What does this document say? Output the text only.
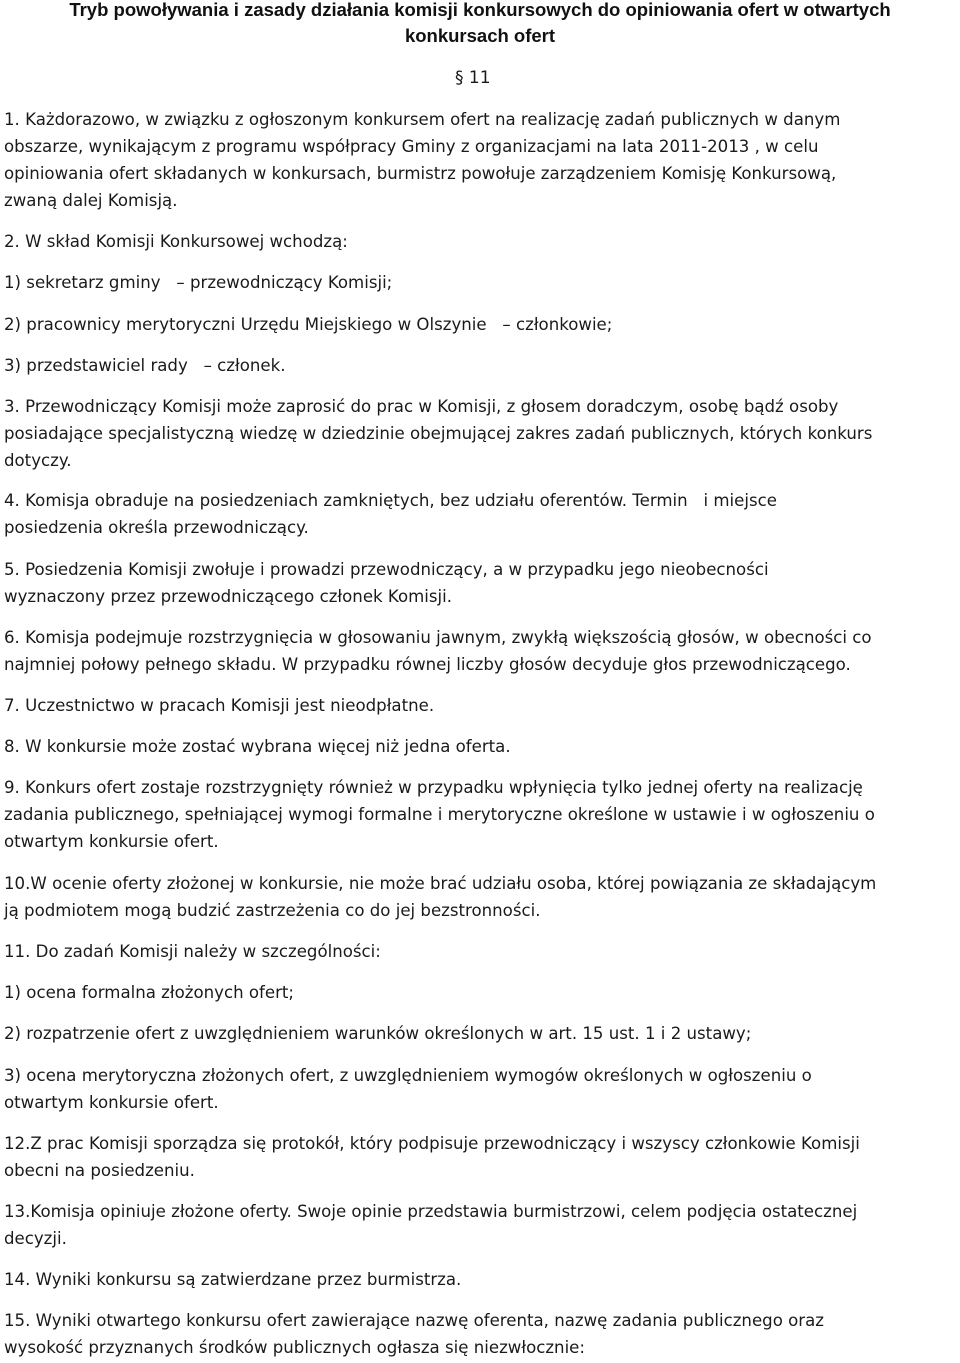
Tryb powoływania i zasady działania komisji konkursowych do opiniowania ofert w otwartych
konkursach ofert
§ 11
1. Każdorazowo, w związku z ogłoszonym konkursem ofert na realizację zadań publicznych w danym
obszarze, wynikającym z programu współpracy Gminy z organizacjami na lata 2011-2013 , w celu
opiniowania ofert składanych w konkursach, burmistrz powołuje zarządzeniem Komisję Konkursową,
zwaną dalej Komisją.
2. W skład Komisji Konkursowej wchodzą:
1) sekretarz gminy   – przewodniczący Komisji;
2) pracownicy merytoryczni Urzędu Miejskiego w Olszynie   – członkowie;
3) przedstawiciel rady   – członek.
3. Przewodniczący Komisji może zaprosić do prac w Komisji, z głosem doradczym, osobę bądź osoby
posiadające specjalistyczną wiedzę w dziedzinie obejmującej zakres zadań publicznych, których konkurs
dotyczy.
4. Komisja obraduje na posiedzeniach zamkniętych, bez udziału oferentów. Termin   i miejsce
posiedzenia określa przewodniczący.
5. Posiedzenia Komisji zwołuje i prowadzi przewodniczący, a w przypadku jego nieobecności
wyznaczony przez przewodniczącego członek Komisji.
6. Komisja podejmuje rozstrzygnięcia w głosowaniu jawnym, zwykłą większością głosów, w obecności co
najmniej połowy pełnego składu. W przypadku równej liczby głosów decyduje głos przewodniczącego.
7. Uczestnictwo w pracach Komisji jest nieodpłatne.
8. W konkursie może zostać wybrana więcej niż jedna oferta.
9. Konkurs ofert zostaje rozstrzygnięty również w przypadku wpłynięcia tylko jednej oferty na realizację
zadania publicznego, spełniającej wymogi formalne i merytoryczne określone w ustawie i w ogłoszeniu o
otwartym konkursie ofert.
10.W ocenie oferty złożonej w konkursie, nie może brać udziału osoba, której powiązania ze składającym
ją podmiotem mogą budzić zastrzeżenia co do jej bezstronności.
11. Do zadań Komisji należy w szczególności:
1) ocena formalna złożonych ofert;
2) rozpatrzenie ofert z uwzględnieniem warunków określonych w art. 15 ust. 1 i 2 ustawy;
3) ocena merytoryczna złożonych ofert, z uwzględnieniem wymogów określonych w ogłoszeniu o
otwartym konkursie ofert.
12.Z prac Komisji sporządza się protokół, który podpisuje przewodniczący i wszyscy członkowie Komisji
obecni na posiedzeniu.
13.Komisja opiniuje złożone oferty. Swoje opinie przedstawia burmistrzowi, celem podjęcia ostatecznej
decyzji.
14. Wyniki konkursu są zatwierdzane przez burmistrza.
15. Wyniki otwartego konkursu ofert zawierające nazwę oferenta, nazwę zadania publicznego oraz
wysokość przyznanych środków publicznych ogłasza się niezwłocznie:
